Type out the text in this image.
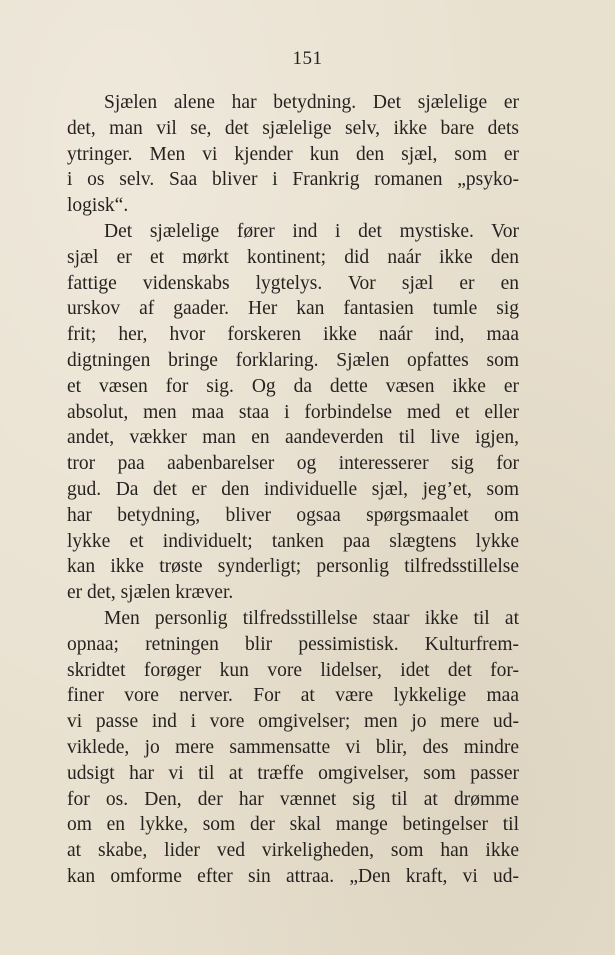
151
Sjælen alene har betydning. Det sjælelige er
det, man vil se, det sjælelige selv, ikke bare dets
ytringer. Men vi kjender kun den sjæl, som er
i os selv. Saa bliver i Frankrig romanen „psyko-
logisk“.
Det sjælelige fører ind i det mystiske. Vor
sjæl er et mørkt kontinent; did naár ikke den
fattige videnskabs lygtelys. Vor sjæl er en
urskov af gaader. Her kan fantasien tumle sig
frit; her, hvor forskeren ikke naár ind, maa
digtningen bringe forklaring. Sjælen opfattes som
et væsen for sig. Og da dette væsen ikke er
absolut, men maa staa i forbindelse med et eller
andet, vækker man en aandeverden til live igjen,
tror paa aabenbarelser og interesserer sig for
gud. Da det er den individuelle sjæl, jeg’et, som
har betydning, bliver ogsaa spørgsmaalet om
lykke et individuelt; tanken paa slægtens lykke
kan ikke trøste synderligt; personlig tilfredsstillelse
er det, sjælen kræver.
Men personlig tilfredsstillelse staar ikke til at
opnaa; retningen blir pessimistisk. Kulturfrem-
skridtet forøger kun vore lidelser, idet det for-
finer vore nerver. For at være lykkelige maa
vi passe ind i vore omgivelser; men jo mere ud-
viklede, jo mere sammensatte vi blir, des mindre
udsigt har vi til at træffe omgivelser, som passer
for os. Den, der har vænnet sig til at drømme
om en lykke, som der skal mange betingelser til
at skabe, lider ved virkeligheden, som han ikke
kan omforme efter sin attraa. „Den kraft, vi ud-
